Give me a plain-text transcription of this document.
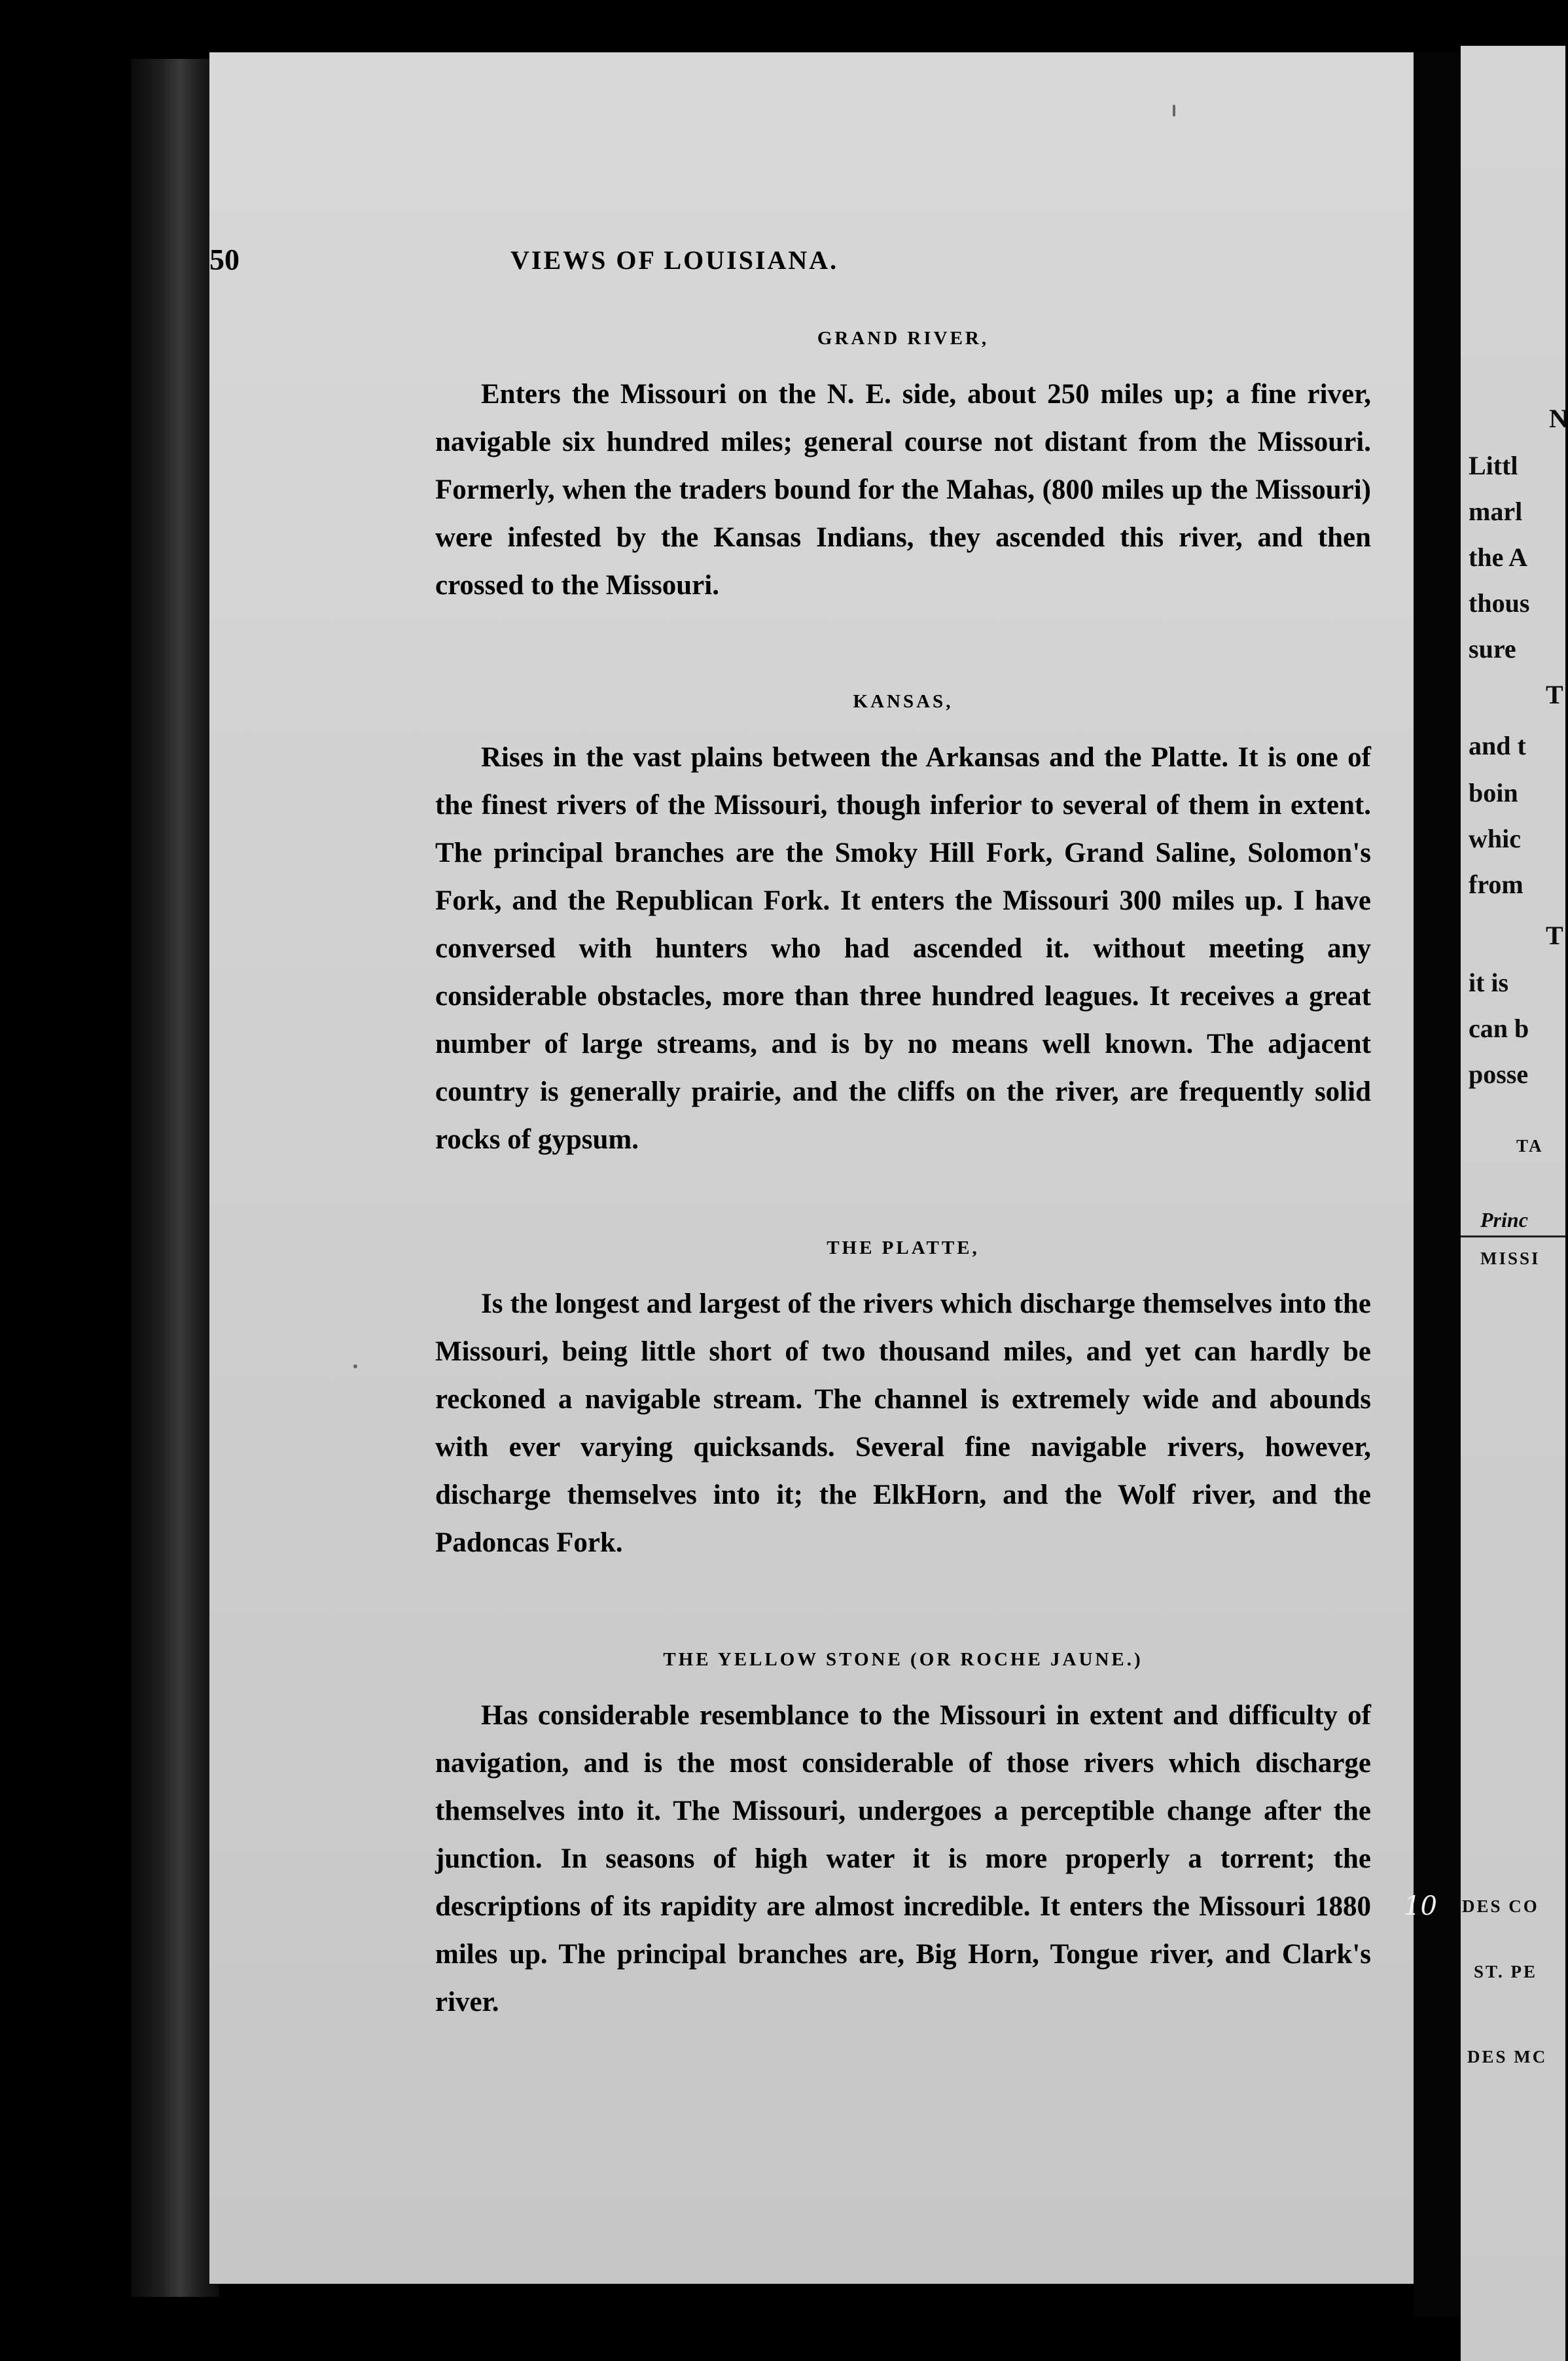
N
Littl
marl
the A
thous
sure
T
and t
boin
whic
from
T
it is
can b
posse
TA
Princ
MISSI
DES CO
ST. PE
DES MC
50	VIEWS OF LOUISIANA.
GRAND RIVER,

Enters the Missouri on the N. E. side, about 250 miles up; a fine river, navigable six hundred miles; general course not distant from the Missouri. Formerly, when the traders bound for the Mahas, (800 miles up the Missouri) were infested by the Kansas Indians, they ascended this river, and then crossed to the Missouri.

KANSAS,

Rises in the vast plains between the Arkansas and the Platte. It is one of the finest rivers of the Missouri, though inferior to several of them in extent. The principal branches are the Smoky Hill Fork, Grand Saline, Solomon's Fork, and the Republican Fork. It enters the Missouri 300 miles up. I have conversed with hunters who had ascended it. without meeting any considerable obstacles, more than three hundred leagues. It receives a great number of large streams, and is by no means well known. The adjacent country is generally prairie, and the cliffs on the river, are frequently solid rocks of gypsum.

THE PLATTE,

Is the longest and largest of the rivers which discharge themselves into the Missouri, being little short of two thousand miles, and yet can hardly be reckoned a navigable stream. The channel is extremely wide and abounds with ever varying quicksands. Several fine navigable rivers, however, discharge themselves into it; the ElkHorn, and the Wolf river, and the Padoncas Fork.

THE YELLOW STONE (OR ROCHE JAUNE.)

Has considerable resemblance to the Missouri in extent and difficulty of navigation, and is the most considerable of those rivers which discharge themselves into it. The Missouri, undergoes a perceptible change after the junction. In seasons of high water it is more properly a torrent; the descriptions of its rapidity are almost incredible. It enters the Missouri 1880 miles up. The principal branches are, Big Horn, Tongue river, and Clark's river.

10
